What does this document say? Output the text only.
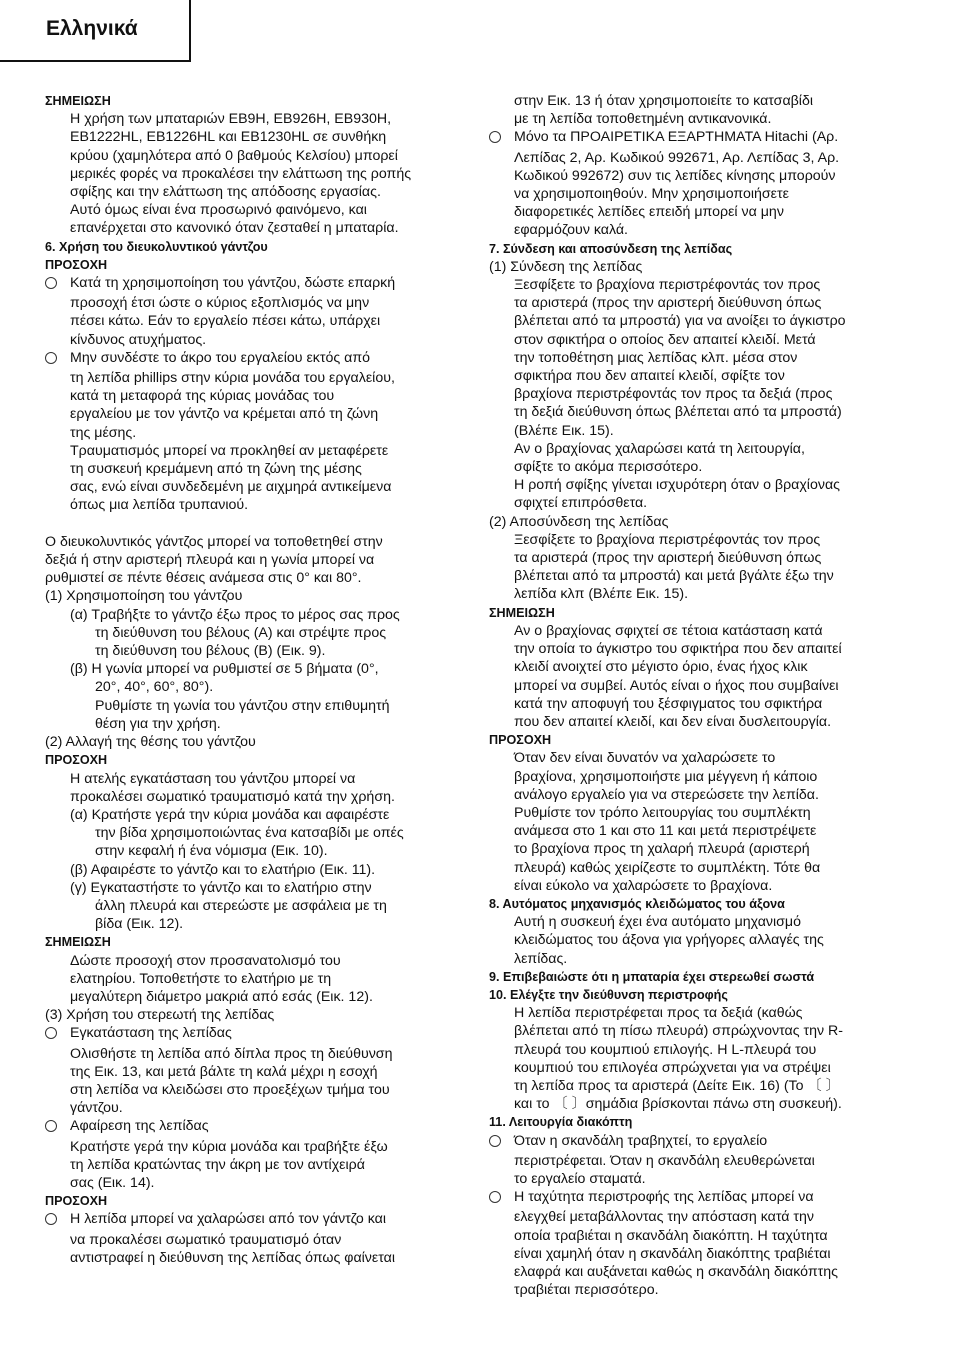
Ελληνικά
ΣΗΜΕΙΩΣΗ
Η χρήση των μπαταριών EB9H, EB926H, EB930H,
EB1222HL, EB1226HL και EB1230HL σε συνθήκη
κρύου (χαμηλότερα από 0 βαθμούς Κελσίου) μπορεί
μερικές φορές να προκαλέσει την ελάττωση της ροπής
σφίξης και την ελάττωση της απόδοσης εργασίας.
Αυτό όμως είναι ένα προσωρινό φαινόμενο, και
επανέρχεται στο κανονικό όταν ζεσταθεί η μπαταρία.
6. Χρήση του διευκολυντικού γάντζου
ΠΡΟΣΟΧΗ
Κατά τη χρησιμοποίηση του γάντζου, δώστε επαρκή
προσοχή έτσι ώστε ο κύριος εξοπλισμός να μην
πέσει κάτω. Εάν το εργαλείο πέσει κάτω, υπάρχει
κίνδυνος ατυχήματος.
Μην συνδέστε το άκρο του εργαλείου εκτός από
τη λεπίδα phillips στην κύρια μονάδα του εργαλείου,
κατά τη μεταφορά της κύριας μονάδας του
εργαλείου με τον γάντζο να κρέμεται από τη ζώνη
της μέσης.
Τραυματισμός μπορεί να προκληθεί αν μεταφέρετε
τη συσκευή κρεμάμενη από τη ζώνη της μέσης
σας, ενώ είναι συνδεδεμένη με αιχμηρά αντικείμενα
όπως μια λεπίδα τρυπανιού.
Ο διευκολυντικός γάντζος μπορεί να τοποθετηθεί στην
δεξιά ή στην αριστερή πλευρά και η γωνία μπορεί να
ρυθμιστεί σε πέντε θέσεις ανάμεσα στις 0° και 80°.
(1) Χρησιμοποίηση του γάντζου
(α) Τραβήξτε το γάντζο έξω προς το μέρος σας προς
τη διεύθυνση του βέλους (A) και στρέψτε προς
τη διεύθυνση του βέλους (B) (Εικ. 9).
(β) Η γωνία μπορεί να ρυθμιστεί σε 5 βήματα (0°,
20°, 40°, 60°, 80°).
Ρυθμίστε τη γωνία του γάντζου στην επιθυμητή
θέση για την χρήση.
(2) Αλλαγή της θέσης του γάντζου
ΠΡΟΣΟΧΗ
Η ατελής εγκατάσταση του γάντζου μπορεί να
προκαλέσει σωματικό τραυματισμό κατά την χρήση.
(α) Κρατήστε γερά την κύρια μονάδα και αφαιρέστε
την βίδα χρησιμοποιώντας ένα κατσαβίδι με οπές
στην κεφαλή ή ένα νόμισμα (Εικ. 10).
(β) Αφαιρέστε το γάντζο και το ελατήριο (Εικ. 11).
(γ) Εγκαταστήστε το γάντζο και το ελατήριο στην
άλλη πλευρά και στερεώστε με ασφάλεια με τη
βίδα (Εικ. 12).
ΣΗΜΕΙΩΣΗ
Δώστε προσοχή στον προσανατολισμό του
ελατηρίου. Τοποθετήστε το ελατήριο με τη
μεγαλύτερη διάμετρο μακριά από εσάς (Εικ. 12).
(3) Χρήση του στερεωτή της λεπίδας
Εγκατάσταση της λεπίδας
Ολισθήστε τη λεπίδα από δίπλα προς τη διεύθυνση
της Εικ. 13, και μετά βάλτε τη καλά μέχρι η εσοχή
στη λεπίδα να κλειδώσει στο προεξέχων τμήμα του
γάντζου.
Αφαίρεση της λεπίδας
Κρατήστε γερά την κύρια μονάδα και τραβήξτε έξω
τη λεπίδα κρατώντας την άκρη με τον αντίχειρά
σας (Εικ. 14).
ΠΡΟΣΟΧΗ
Η λεπίδα μπορεί να χαλαρώσει από τον γάντζο και
να προκαλέσει σωματικό τραυματισμό όταν
αντιστραφεί η διεύθυνση της λεπίδας όπως φαίνεται
στην Εικ. 13 ή όταν χρησιμοποιείτε το κατσαβίδι
με τη λεπίδα τοποθετημένη αντικανονικά.
Μόνο τα ΠΡΟΑΙΡΕΤΙΚΑ ΕΞΑΡΤΗΜΑΤΑ Hitachi (Αρ.
Λεπίδας 2, Αρ. Κωδικού 992671, Αρ. Λεπίδας 3, Αρ.
Κωδικού 992672) συν τις λεπίδες κίνησης μπορούν
να χρησιμοποιηθούν. Μην χρησιμοποιήσετε
διαφορετικές λεπίδες επειδή μπορεί να μην
εφαρμόζουν καλά.
7. Σύνδεση και αποσύνδεση της λεπίδας
(1) Σύνδεση της λεπίδας
Ξεσφίξετε το βραχίονα περιστρέφοντάς τον προς
τα αριστερά (προς την αριστερή διεύθυνση όπως
βλέπεται από τα μπροστά) για να ανοίξει το άγκιστρο
στον σφικτήρα ο οποίος δεν απαιτεί κλειδί. Μετά
την τοποθέτηση μιας λεπίδας κλπ. μέσα στον
σφικτήρα που δεν απαιτεί κλειδί, σφίξτε τον
βραχίονα περιστρέφοντάς τον προς τα δεξιά (προς
τη δεξιά διεύθυνση όπως βλέπεται από τα μπροστά)
(Βλέπε Εικ. 15).
Αν ο βραχίονας χαλαρώσει κατά τη λειτουργία,
σφίξτε το ακόμα περισσότερο.
Η ροπή σφίξης γίνεται ισχυρότερη όταν ο βραχίονας
σφιχτεί επιπρόσθετα.
(2) Αποσύνδεση της λεπίδας
Ξεσφίξετε το βραχίονα περιστρέφοντάς τον προς
τα αριστερά (προς την αριστερή διεύθυνση όπως
βλέπεται από τα μπροστά) και μετά βγάλτε έξω την
λεπίδα κλπ (Βλέπε Εικ. 15).
ΣΗΜΕΙΩΣΗ
Αν ο βραχίονας σφιχτεί σε τέτοια κατάσταση κατά
την οποία το άγκιστρο του σφικτήρα που δεν απαιτεί
κλειδί ανοιχτεί στο μέγιστο όριο, ένας ήχος κλικ
μπορεί να συμβεί. Αυτός είναι ο ήχος που συμβαίνει
κατά την απoφυγή του ξέσφιγματος του σφικτήρα
που δεν απαιτεί κλειδί, και δεν είναι δυσλειτουργία.
ΠΡΟΣΟΧΗ
Όταν δεν είναι δυνατόν να χαλαρώσετε το
βραχίονα, χρησιμοποιήστε μια μέγγενη ή κάποιο
ανάλογο εργαλείο για να στερεώσετε την λεπίδα.
Ρυθμίστε τον τρόπο λειτουργίας του συμπλέκτη
ανάμεσα στο 1 και στο 11 και μετά περιστρέψετε
το βραχίονα προς τη χαλαρή πλευρά (αριστερή
πλευρά) καθώς χειρίζεστε το συμπλέκτη. Τότε θα
είναι εύκολο να χαλαρώσετε το βραχίονα.
8. Αυτόματος μηχανισμός κλειδώματος του άξονα
Αυτή η συσκευή έχει ένα αυτόματο μηχανισμό
κλειδώματος του άξονα για γρήγορες αλλαγές της
λεπίδας.
9. Επιβεβαιώστε ότι η μπαταρία έχει στερεωθεί σωστά
10. Ελέγξτε την διεύθυνση περιστροφής
Η λεπίδα περιστρέφεται προς τα δεξιά (καθώς
βλέπεται από τη πίσω πλευρά) σπρώχνοντας την R-
πλευρά του κουμπιού επιλογής. Η L-πλευρά του
κουμπιού του επιλογέα σπρώχνεται για να στρέψει
τη λεπίδα προς τα αριστερά (Δείτε Εικ. 16) (Το 〔 〕
και το 〔 〕σημάδια βρίσκονται πάνω στη συσκευή).
11. Λειτουργία διακόπτη
Όταν η σκανδάλη τραβηχτεί, το εργαλείο
περιστρέφεται. Όταν η σκανδάλη ελευθερώνεται
το εργαλείο σταματά.
Η ταχύτητα περιστροφής της λεπίδας μπορεί να
ελεγχθεί μεταβάλλοντας την απόσταση κατά την
οποία τραβιέται η σκανδάλη διακόπτη. Η ταχύτητα
είναι χαμηλή όταν η σκανδάλη διακόπτης τραβιέται
ελαφρά και αυξάνεται καθώς η σκανδάλη διακόπτης
τραβιέται περισσότερο.
